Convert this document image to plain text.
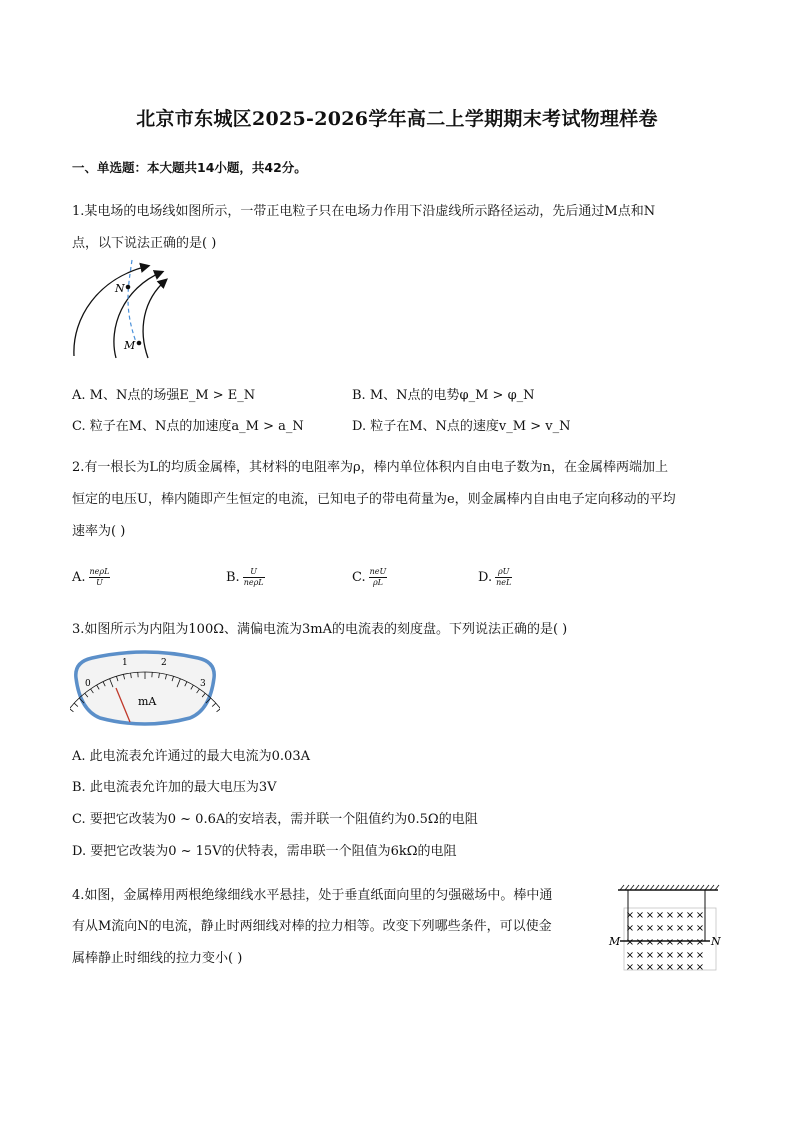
北京市东城区2025-2026学年高二上学期期末考试物理样卷
一、单选题：本大题共14小题，共42分。
1.某电场的电场线如图所示，一带正电粒子只在电场力作用下沿虚线所示路径运动，先后通过M点和N
点，以下说法正确的是( )
N
M
A. M、N点的场强E_M > E_N	B. M、N点的电势φ_M > φ_N
C. 粒子在M、N点的加速度a_M > a_N	D. 粒子在M、N点的速度v_M > v_N
2.有一根长为L的均质金属棒，其材料的电阻率为ρ，棒内单位体积内自由电子数为n，在金属棒两端加上
恒定的电压U，棒内随即产生恒定的电流，已知电子的带电荷量为e，则金属棒内自由电子定向移动的平均
速率为( )
A. $\frac{\text{neρL}}{U}$	B. $\frac{U}{\text{neρL}}$	C. $\frac{\text{neU}}{\rho L}$	D. $\frac{\rho U}{\text{neL}}$
3.如图所示为内阻为100Ω、满偏电流为3mA的电流表的刻度盘。下列说法正确的是( )
0
1	2
3
mA
A. 此电流表允许通过的最大电流为0.03A
B. 此电流表允许加的最大电压为3V
C. 要把它改装为0 ~ 0.6A的安培表，需并联一个阻值约为0.5Ω的电阻
D. 要把它改装为0 ~ 15V的伏特表，需串联一个阻值为6kΩ的电阻
4.如图，金属棒用两根绝缘细线水平悬挂，处于垂直纸面向里的匀强磁场中。棒中通
有从M流向N的电流，静止时两细线对棒的拉力相等。改变下列哪些条件，可以使金
属棒静止时细线的拉力变小( )
× × × × × × × ×
× × × × × × × ×
× × × × × × × ×
× × × × × × × ×
× × × × × × × ×
M	N
